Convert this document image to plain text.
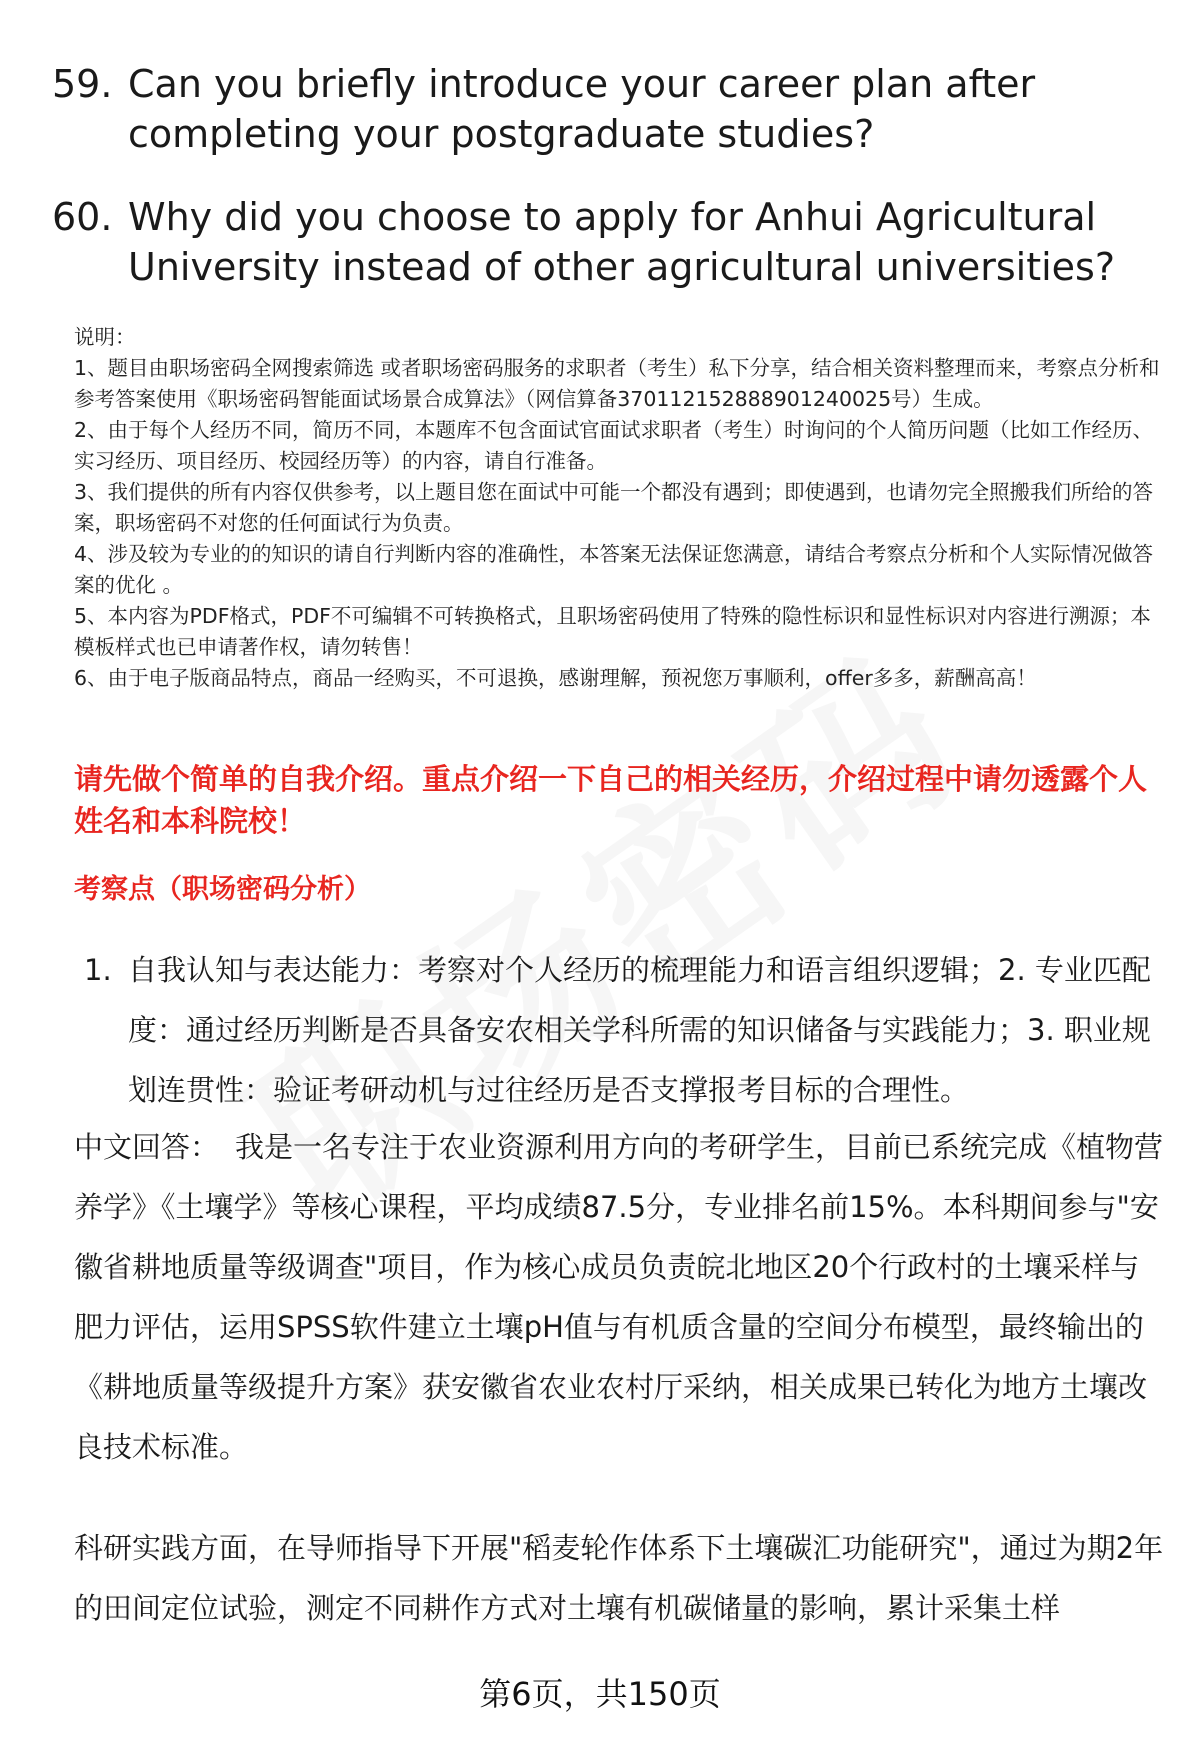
59. Can you briefly introduce your career plan after completing your postgraduate studies?
60. Why did you choose to apply for Anhui Agricultural University instead of other agricultural universities?

说明：

1、题目由职场密码全网搜索筛选 或者职场密码服务的求职者（考生）私下分享，结合相关资料整理而来，考察点分析和参考答案使用《职场密码智能面试场景合成算法》（网信算备370112152888901240025号）生成。

2、由于每个人经历不同，简历不同，本题库不包含面试官面试求职者（考生）时询问的个人简历问题（比如工作经历、实习经历、项目经历、校园经历等）的内容，请自行准备。

3、我们提供的所有内容仅供参考，以上题目您在面试中可能一个都没有遇到；即使遇到，也请勿完全照搬我们所给的答案，职场密码不对您的任何面试行为负责。

4、涉及较为专业的的知识的请自行判断内容的准确性，本答案无法保证您满意，请结合考察点分析和个人实际情况做答案的优化 。

5、本内容为PDF格式，PDF不可编辑不可转换格式，且职场密码使用了特殊的隐性标识和显性标识对内容进行溯源；本模板样式也已申请著作权，请勿转售！

6、由于电子版商品特点，商品一经购买，不可退换，感谢理解，预祝您万事顺利，offer多多，薪酬高高！

请先做个简单的自我介绍。重点介绍一下自己的相关经历，介绍过程中请勿透露个人姓名和本科院校！
考察点（职场密码分析）
1. 自我认知与表达能力：考察对个人经历的梳理能力和语言组织逻辑；2. 专业匹配度：通过经历判断是否具备安农相关学科所需的知识储备与实践能力；3. 职业规划连贯性：验证考研动机与过往经历是否支撑报考目标的合理性。
中文回答： 我是一名专注于农业资源利用方向的考研学生，目前已系统完成《植物营养学》《土壤学》等核心课程，平均成绩87.5分，专业排名前15%。本科期间参与"安徽省耕地质量等级调查"项目，作为核心成员负责皖北地区20个行政村的土壤采样与肥力评估，运用SPSS软件建立土壤pH值与有机质含量的空间分布模型，最终输出的《耕地质量等级提升方案》获安徽省农业农村厅采纳，相关成果已转化为地方土壤改良技术标准。
科研实践方面，在导师指导下开展"稻麦轮作体系下土壤碳汇功能研究"，通过为期2年的田间定位试验，测定不同耕作方式对土壤有机碳储量的影响，累计采集土样
第6页，共150页
